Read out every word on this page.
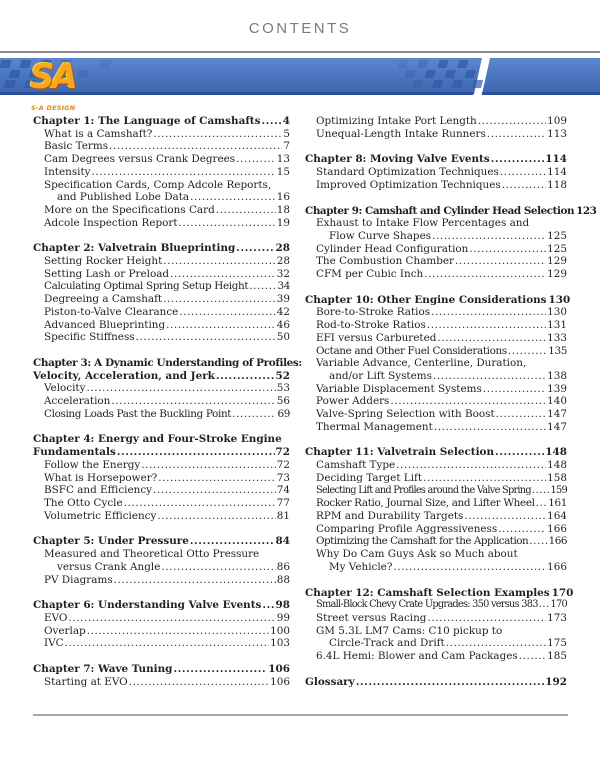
CONTENTS
SA
S-A DESIGN
Chapter 1: The Language of Camshafts ..... 4
What is a Camshaft? .....	5
Basic Terms .....	7
Cam Degrees versus Crank Degrees .....	13
Intensity .....	15
Specification Cards, Comp Adcole Reports,
and Published Lobe Data .....	16
More on the Specifications Card .....	18
Adcole Inspection Report .....	19
Chapter 2: Valvetrain Blueprinting .....	28
Setting Rocker Height .....	28
Setting Lash or Preload .....	32
Calculating Optimal Spring Setup Height .....	34
Degreeing a Camshaft .....	39
Piston-to-Valve Clearance .....	42
Advanced Blueprinting .....	46
Specific Stiffness .....	50
Chapter 3: A Dynamic Understanding of Profiles:
Velocity, Acceleration, and Jerk .....	52
Velocity .....	53
Acceleration .....	56
Closing Loads Past the Buckling Point .....	69
Chapter 4: Energy and Four-Stroke Engine
Fundamentals .....	72
Follow the Energy .....	72
What is Horsepower? .....	73
BSFC and Efficiency .....	74
The Otto Cycle .....	77
Volumetric Efficiency .....	81
Chapter 5: Under Pressure .....	84
Measured and Theoretical Otto Pressure
versus Crank Angle .....	86
PV Diagrams .....	88
Chapter 6: Understanding Valve Events ..... 98
EVO .....	99
Overlap .....	100
IVC .....	103
Chapter 7: Wave Tuning .....	106
Starting at EVO .....	106
Optimizing Intake Port Length .....	109
Unequal-Length Intake Runners .....	113
Chapter 8: Moving Valve Events .....	114
Standard Optimization Techniques .....	114
Improved Optimization Techniques .....	118
Chapter 9: Camshaft and Cylinder Head Selection 123
Exhaust to Intake Flow Percentages and
Flow Curve Shapes .....	125
Cylinder Head Configuration .....	125
The Combustion Chamber .....	129
CFM per Cubic Inch .....	129
Chapter 10: Other Engine Considerations 130
Bore-to-Stroke Ratios .....	130
Rod-to-Stroke Ratios .....	131
EFI versus Carbureted .....	133
Octane and Other Fuel Considerations .....	135
Variable Advance, Centerline, Duration,
and/or Lift Systems .....	138
Variable Displacement Systems .....	139
Power Adders .....	140
Valve-Spring Selection with Boost .....	147
Thermal Management .....	147
Chapter 11: Valvetrain Selection .....	148
Camshaft Type .....	148
Deciding Target Lift .....	158
Selecting Lift and Profiles around the Valve Spring ..... 159
Rocker Ratio, Journal Size, and Lifter Wheel ..... 161
RPM and Durability Targets .....	164
Comparing Profile Aggressiveness .....	166
Optimizing the Camshaft for the Application ..... 166
Why Do Cam Guys Ask so Much about
My Vehicle? .....	166
Chapter 12: Camshaft Selection Examples 170
Small-Block Chevy Crate Upgrades: 350 versus 383 ..... 170
Street versus Racing .....	173
GM 5.3L LM7 Cams: C10 pickup to
Circle-Track and Drift .....	175
6.4L Hemi: Blower and Cam Packages .....	185
Glossary .....	192
